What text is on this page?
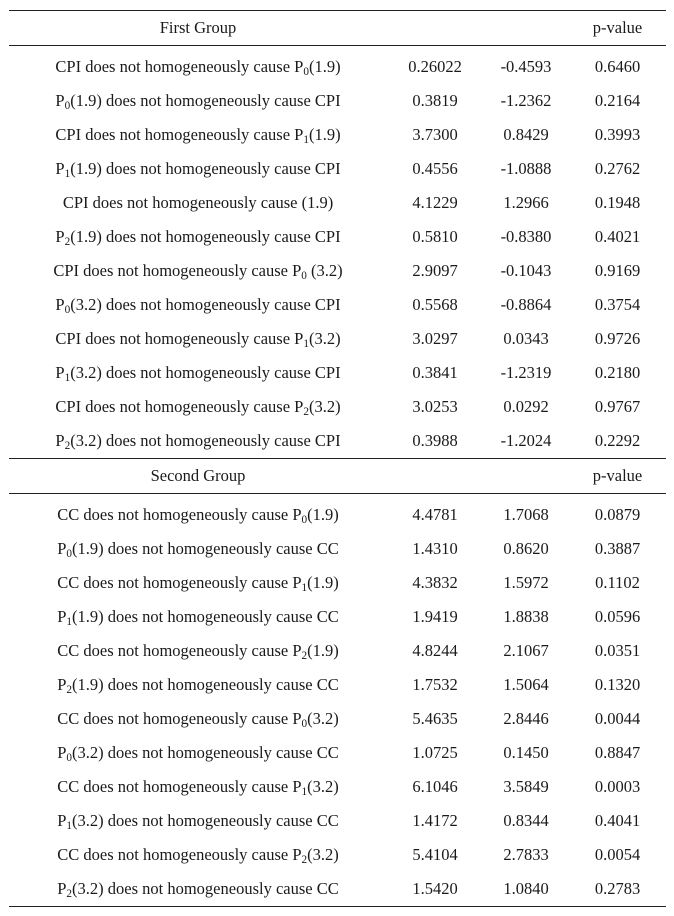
First Group	p-value
CPI does not homogeneously cause $P_0(1.9)$	0.26022	-0.4593	0.6460
$P_0(1.9)$ does not homogeneously cause CPI	0.3819	-1.2362	0.2164
CPI does not homogeneously cause $P_1(1.9)$	3.7300	0.8429	0.3993
$P_1(1.9)$ does not homogeneously cause CPI	0.4556	-1.0888	0.2762
CPI does not homogeneously cause (1.9)	4.1229	1.2966	0.1948
$P_2(1.9)$ does not homogeneously cause CPI	0.5810	-0.8380	0.4021
CPI does not homogeneously cause $P_0$ (3.2)	2.9097	-0.1043	0.9169
$P_0(3.2)$ does not homogeneously cause CPI	0.5568	-0.8864	0.3754
CPI does not homogeneously cause $P_1(3.2)$	3.0297	0.0343	0.9726
$P_1(3.2)$ does not homogeneously cause CPI	0.3841	-1.2319	0.2180
CPI does not homogeneously cause $P_2(3.2)$	3.0253	0.0292	0.9767
$P_2(3.2)$ does not homogeneously cause CPI	0.3988	-1.2024	0.2292
Second Group	p-value
CC does not homogeneously cause $P_0(1.9)$	4.4781	1.7068	0.0879
$P_0(1.9)$ does not homogeneously cause CC	1.4310	0.8620	0.3887
CC does not homogeneously cause $P_1(1.9)$	4.3832	1.5972	0.1102
$P_1(1.9)$ does not homogeneously cause CC	1.9419	1.8838	0.0596
CC does not homogeneously cause $P_2(1.9)$	4.8244	2.1067	0.0351
$P_2(1.9)$ does not homogeneously cause CC	1.7532	1.5064	0.1320
CC does not homogeneously cause $P_0(3.2)$	5.4635	2.8446	0.0044
$P_0(3.2)$ does not homogeneously cause CC	1.0725	0.1450	0.8847
CC does not homogeneously cause $P_1(3.2)$	6.1046	3.5849	0.0003
$P_1(3.2)$ does not homogeneously cause CC	1.4172	0.8344	0.4041
CC does not homogeneously cause $P_2(3.2)$	5.4104	2.7833	0.0054
$P_2(3.2)$ does not homogeneously cause CC	1.5420	1.0840	0.2783
